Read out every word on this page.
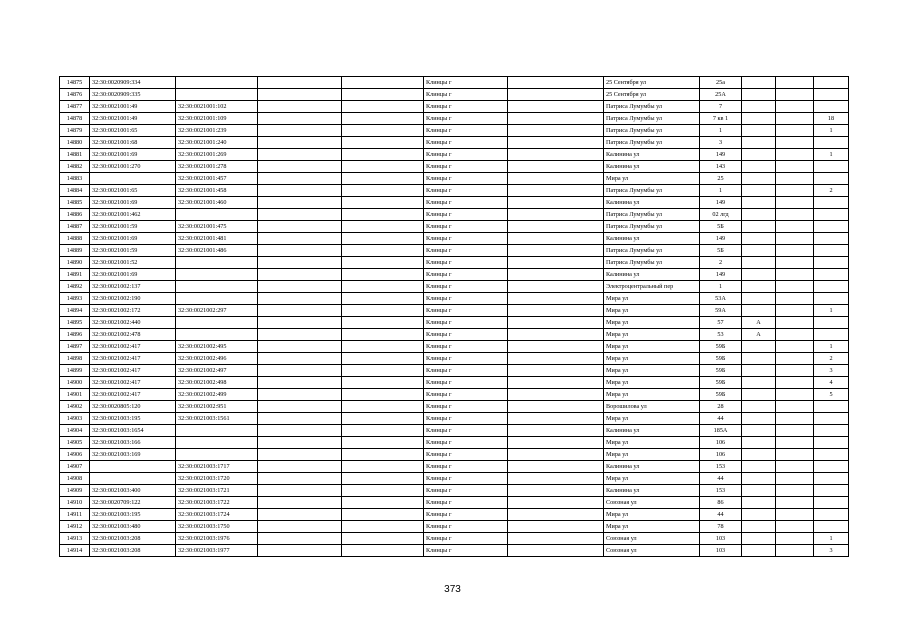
14875	32:30:0020909:334				Клинцы г		25 Сентября ул	25а			
14876	32:30:0020909:335				Клинцы г		25 Сентября ул	25А			
14877	32:30:0021001:49	32:30:0021001:102			Клинцы г		Патриса Лумумбы ул	7			
14878	32:30:0021001:49	32:30:0021001:109			Клинцы г		Патриса Лумумбы ул	7 кв 1			18
14879	32:30:0021001:65	32:30:0021001:239			Клинцы г		Патриса Лумумбы ул	1			1
14880	32:30:0021001:68	32:30:0021001:240			Клинцы г		Патриса Лумумбы ул	3			
14881	32:30:0021001:69	32:30:0021001:269			Клинцы г		Калинина ул	149			1
14882	32:30:0021001:270	32:30:0021001:278			Клинцы г		Калинина ул	143			
14883		32:30:0021001:457			Клинцы г		Мира ул	25			
14884	32:30:0021001:65	32:30:0021001:458			Клинцы г		Патриса Лумумбы ул	1			2
14885	32:30:0021001:69	32:30:0021001:460			Клинцы г		Калинина ул	149			
14886	32:30:0021001:462				Клинцы г		Патриса Лумумбы ул	02 лгд			
14887	32:30:0021001:59	32:30:0021001:475			Клинцы г		Патриса Лумумбы ул	5Б			
14888	32:30:0021001:69	32:30:0021001:481			Клинцы г		Калинина ул	149			
14889	32:30:0021001:59	32:30:0021001:486			Клинцы г		Патриса Лумумбы ул	5Б			
14890	32:30:0021001:52				Клинцы г		Патриса Лумумбы ул	2			
14891	32:30:0021001:69				Клинцы г		Калинина ул	149			
14892	32:30:0021002:137				Клинцы г		Электроцентральный пер	1			
14893	32:30:0021002:190				Клинцы г		Мира ул	53А			
14894	32:30:0021002:172	32:30:0021002:297			Клинцы г		Мира ул	59А			1
14895	32:30:0021002:440				Клинцы г		Мира ул	57	А		
14896	32:30:0021002:478				Клинцы г		Мира ул	53	А		
14897	32:30:0021002:417	32:30:0021002:495			Клинцы г		Мира ул	59Б			1
14898	32:30:0021002:417	32:30:0021002:496			Клинцы г		Мира ул	59Б			2
14899	32:30:0021002:417	32:30:0021002:497			Клинцы г		Мира ул	59Б			3
14900	32:30:0021002:417	32:30:0021002:498			Клинцы г		Мира ул	59Б			4
14901	32:30:0021002:417	32:30:0021002:499			Клинцы г		Мира ул	59Б			5
14902	32:30:0020805:120	32:30:0021002:951			Клинцы г		Ворошилова ул	28			
14903	32:30:0021003:195	32:30:0021003:1561			Клинцы г		Мира ул	44			
14904	32:30:0021003:1654				Клинцы г		Калинина ул	185А			
14905	32:30:0021003:166				Клинцы г		Мира ул	106			
14906	32:30:0021003:169				Клинцы г		Мира ул	106			
14907		32:30:0021003:1717			Клинцы г		Калинина ул	153			
14908		32:30:0021003:1720			Клинцы г		Мира ул	44			
14909	32:30:0021003:400	32:30:0021003:1721			Клинцы г		Калинина ул	153			
14910	32:30:0020709:122	32:30:0021003:1722			Клинцы г		Союзная ул	86			
14911	32:30:0021003:195	32:30:0021003:1724			Клинцы г		Мира ул	44			
14912	32:30:0021003:480	32:30:0021003:1750			Клинцы г		Мира ул	78			
14913	32:30:0021003:208	32:30:0021003:1976			Клинцы г		Союзная ул	103			1
14914	32:30:0021003:208	32:30:0021003:1977			Клинцы г		Союзная ул	103			3
373
